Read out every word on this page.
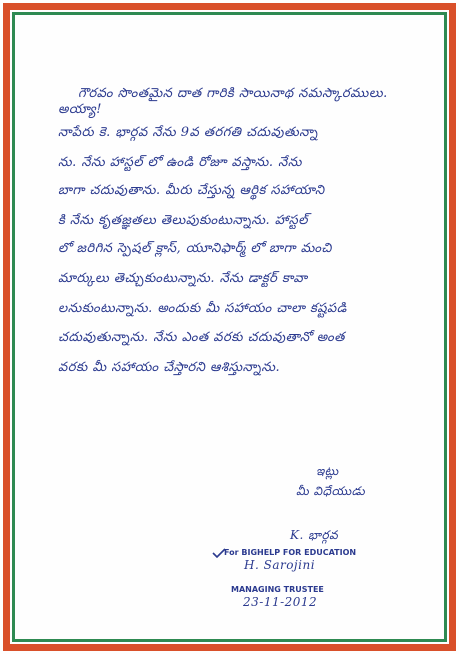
గౌరవం సొంతమైన దాత గారికి సాయినాథ నమస్కారములు.
అయ్యా!
నాపేరు కె. భార్గవ నేను 9వ తరగతి చదువుతున్నా
ను. నేను హాస్టల్ లో ఉండి రోజూ వస్తాను. నేను
బాగా చదువుతాను. మీరు చేస్తున్న ఆర్థిక సహాయాని
కి నేను కృతజ్ఞతలు తెలుపుకుంటున్నాను. హాస్టల్
లో జరిగిన స్పెషల్ క్లాస్, యూనిఫార్మ్ లో బాగా మంచి
మార్కులు తెచ్చుకుంటున్నాను. నేను డాక్టర్ కావా
లనుకుంటున్నాను. అందుకు మీ సహాయం చాలా కష్టపడి
చదువుతున్నాను. నేను ఎంత వరకు చదువుతానో అంత
వరకు మీ సహాయం చేస్తారని ఆశిస్తున్నాను.
ఇట్లు
మీ విధేయుడు
K. భార్గవ
For BIGHELP FOR EDUCATION
H. Sarojini
MANAGING TRUSTEE
23-11-2012
